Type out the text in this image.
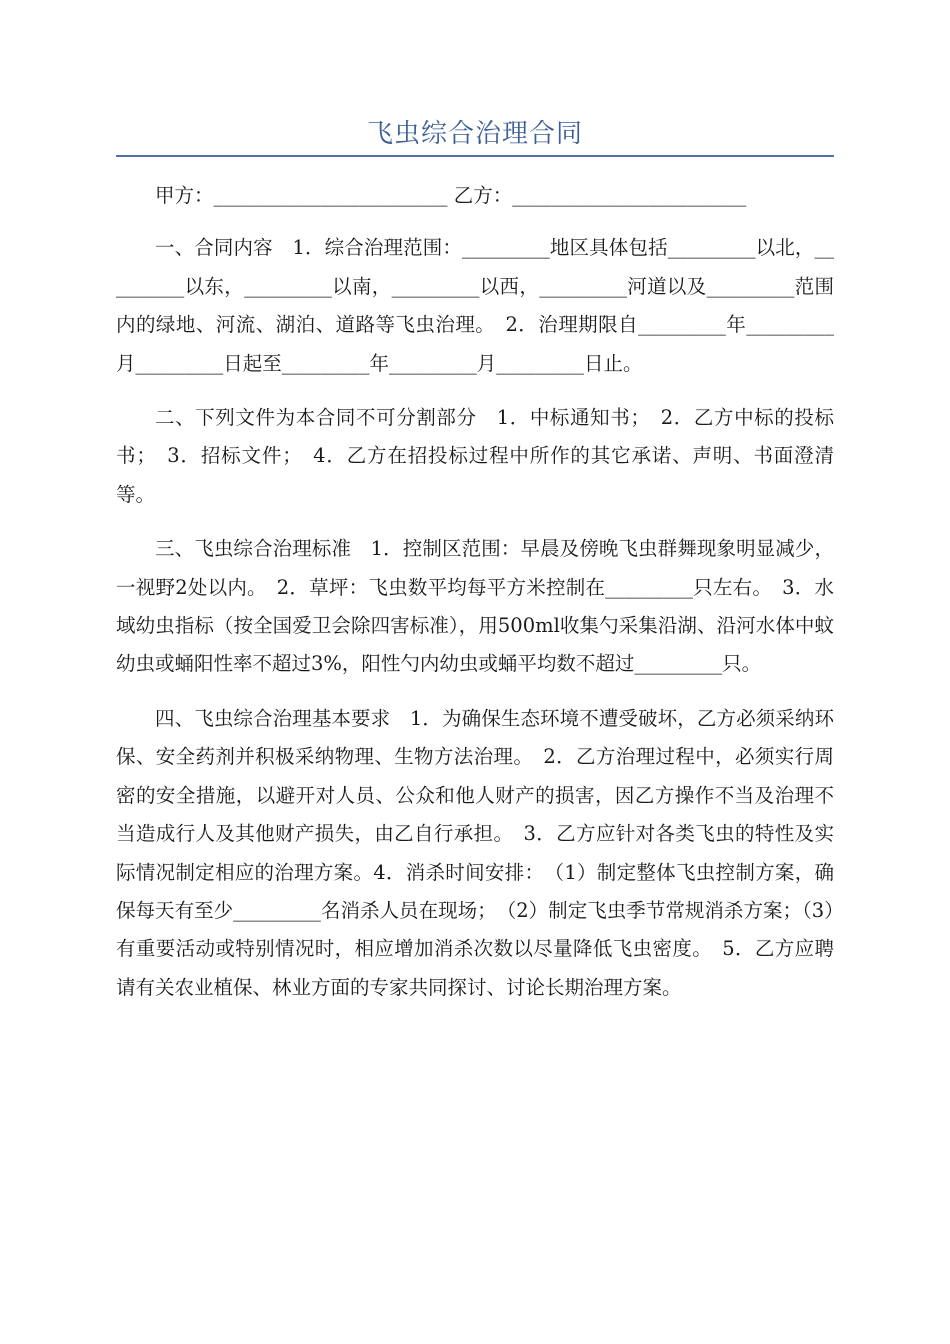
飞虫综合治理合同

甲方：________________________ 乙方：________________________

一、合同内容　1．综合治理范围：_________地区具体包括_________以北，_________以东，_________以南，_________以西，_________河道以及_________范围内的绿地、河流、湖泊、道路等飞虫治理。　2．治理期限自_________年_________月_________日起至_________年_________月_________日止。

二、下列文件为本合同不可分割部分　1．中标通知书；　2．乙方中标的投标书；　3．招标文件；　4．乙方在招投标过程中所作的其它承诺、声明、书面澄清等。

三、飞虫综合治理标准　1．控制区范围：早晨及傍晚飞虫群舞现象明显减少，一视野2处以内。　2．草坪：飞虫数平均每平方米控制在_________只左右。　3．水域幼虫指标（按全国爱卫会除四害标准），用500ml收集勺采集沿湖、沿河水体中蚊幼虫或蛹阳性率不超过3%，阳性勺内幼虫或蛹平均数不超过_________只。

四、飞虫综合治理基本要求　1．为确保生态环境不遭受破坏，乙方必须采纳环保、安全药剂并积极采纳物理、生物方法治理。　2．乙方治理过程中，必须实行周密的安全措施，以避开对人员、公众和他人财产的损害，因乙方操作不当及治理不当造成行人及其他财产损失，由乙自行承担。　3．乙方应针对各类飞虫的特性及实际情况制定相应的治理方案。4．消杀时间安排：　（1）制定整体飞虫控制方案，确保每天有至少_________名消杀人员在现场；　（2）制定飞虫季节常规消杀方案；（3）有重要活动或特别情况时，相应增加消杀次数以尽量降低飞虫密度。　5．乙方应聘请有关农业植保、林业方面的专家共同探讨、讨论长期治理方案。
